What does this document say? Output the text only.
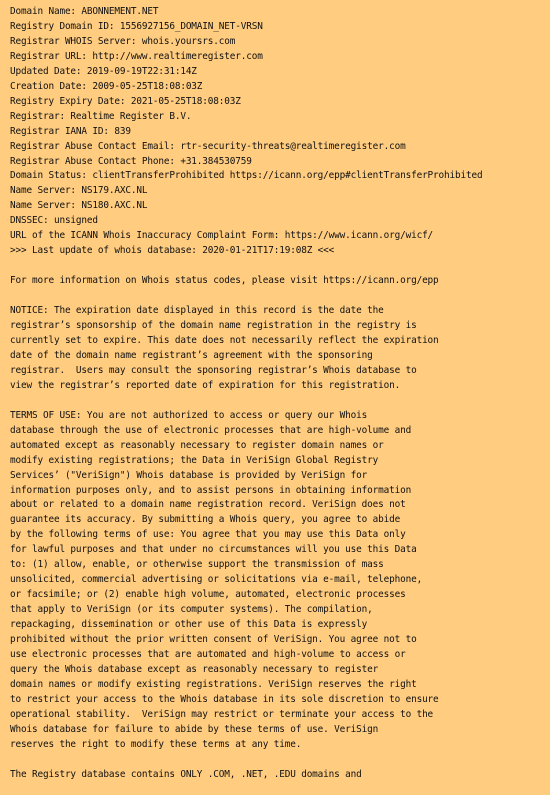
Domain Name: ABONNEMENT.NET
Registry Domain ID: 1556927156_DOMAIN_NET-VRSN
Registrar WHOIS Server: whois.yoursrs.com
Registrar URL: http://www.realtimeregister.com
Updated Date: 2019-09-19T22:31:14Z
Creation Date: 2009-05-25T18:08:03Z
Registry Expiry Date: 2021-05-25T18:08:03Z
Registrar: Realtime Register B.V.
Registrar IANA ID: 839
Registrar Abuse Contact Email: rtr-security-threats@realtimeregister.com
Registrar Abuse Contact Phone: +31.384530759
Domain Status: clientTransferProhibited https://icann.org/epp#clientTransferProhibited
Name Server: NS179.AXC.NL
Name Server: NS180.AXC.NL
DNSSEC: unsigned
URL of the ICANN Whois Inaccuracy Complaint Form: https://www.icann.org/wicf/
>>> Last update of whois database: 2020-01-21T17:19:08Z <<<
For more information on Whois status codes, please visit https://icann.org/epp
NOTICE: The expiration date displayed in this record is the date the
registrar’s sponsorship of the domain name registration in the registry is
currently set to expire. This date does not necessarily reflect the expiration
date of the domain name registrant’s agreement with the sponsoring
registrar.  Users may consult the sponsoring registrar’s Whois database to
view the registrar’s reported date of expiration for this registration.
TERMS OF USE: You are not authorized to access or query our Whois
database through the use of electronic processes that are high-volume and
automated except as reasonably necessary to register domain names or
modify existing registrations; the Data in VeriSign Global Registry
Services’ ("VeriSign") Whois database is provided by VeriSign for
information purposes only, and to assist persons in obtaining information
about or related to a domain name registration record. VeriSign does not
guarantee its accuracy. By submitting a Whois query, you agree to abide
by the following terms of use: You agree that you may use this Data only
for lawful purposes and that under no circumstances will you use this Data
to: (1) allow, enable, or otherwise support the transmission of mass
unsolicited, commercial advertising or solicitations via e-mail, telephone,
or facsimile; or (2) enable high volume, automated, electronic processes
that apply to VeriSign (or its computer systems). The compilation,
repackaging, dissemination or other use of this Data is expressly
prohibited without the prior written consent of VeriSign. You agree not to
use electronic processes that are automated and high-volume to access or
query the Whois database except as reasonably necessary to register
domain names or modify existing registrations. VeriSign reserves the right
to restrict your access to the Whois database in its sole discretion to ensure
operational stability.  VeriSign may restrict or terminate your access to the
Whois database for failure to abide by these terms of use. VeriSign
reserves the right to modify these terms at any time.
The Registry database contains ONLY .COM, .NET, .EDU domains and
